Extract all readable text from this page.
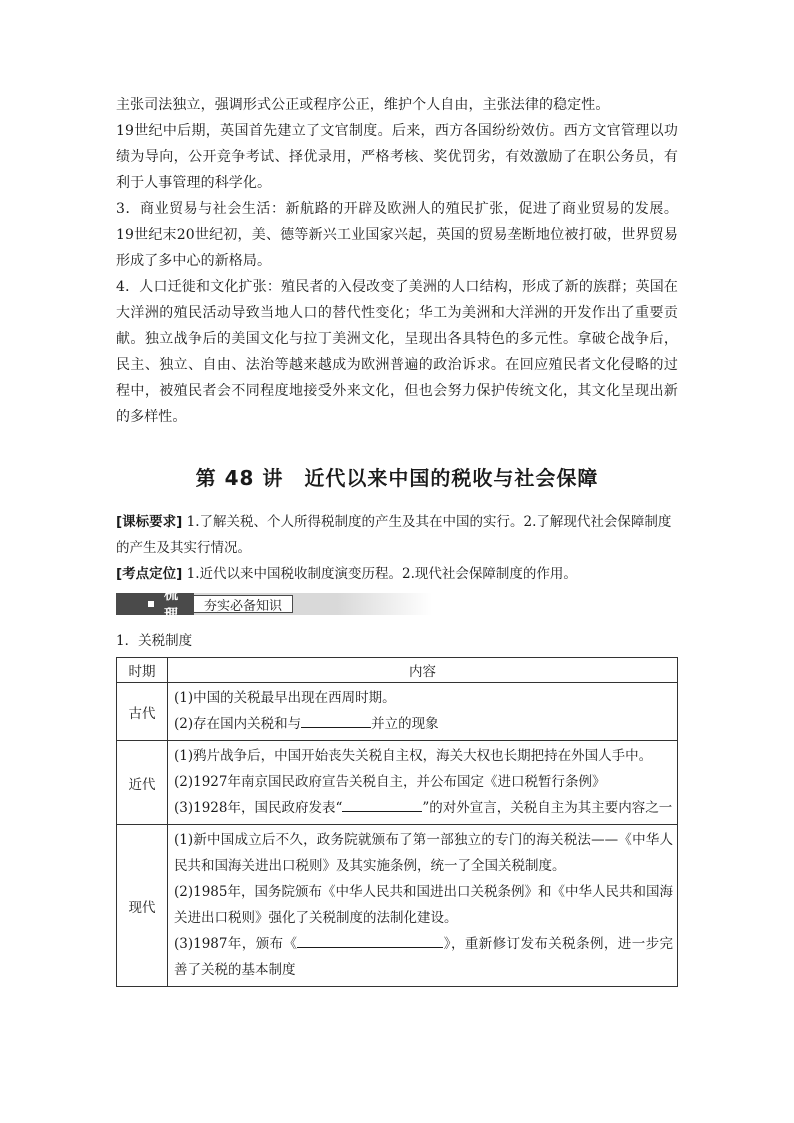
主张司法独立，强调形式公正或程序公正，维护个人自由，主张法律的稳定性。

19世纪中后期，英国首先建立了文官制度。后来，西方各国纷纷效仿。西方文官管理以功绩为导向，公开竞争考试、择优录用，严格考核、奖优罚劣，有效激励了在职公务员，有利于人事管理的科学化。

3．商业贸易与社会生活：新航路的开辟及欧洲人的殖民扩张，促进了商业贸易的发展。19世纪末20世纪初，美、德等新兴工业国家兴起，英国的贸易垄断地位被打破，世界贸易形成了多中心的新格局。

4．人口迁徙和文化扩张：殖民者的入侵改变了美洲的人口结构，形成了新的族群；英国在大洋洲的殖民活动导致当地人口的替代性变化；华工为美洲和大洋洲的开发作出了重要贡献。独立战争后的美国文化与拉丁美洲文化，呈现出各具特色的多元性。拿破仑战争后，民主、独立、自由、法治等越来越成为欧洲普遍的政治诉求。在回应殖民者文化侵略的过程中，被殖民者会不同程度地接受外来文化，但也会努力保护传统文化，其文化呈现出新的多样性。

第 48 讲　近代以来中国的税收与社会保障

[课标要求] 1.了解关税、个人所得税制度的产生及其在中国的实行。2.了解现代社会保障制度的产生及其实行情况。

[考点定位] 1.近代以来中国税收制度演变历程。2.现代社会保障制度的作用。

梳理
夯实必备知识
1．关税制度
时期	内容
古代	(1)中国的关税最早出现在西周时期。
(2)存在国内关税和与 并立的现象

近代	(1)鸦片战争后，中国开始丧失关税自主权，海关大权也长期把持在外国人手中。
(2)1927年南京国民政府宣告关税自主，并公布国定《进口税暂行条例》
(3)1928年，国民政府发表“ ”的对外宣言，关税自主为其主要内容之一

现代	(1)新中国成立后不久，政务院就颁布了第一部独立的专门的海关税法——《中华人民共和国海关进出口税则》及其实施条例，统一了全国关税制度。
(2)1985年，国务院颁布《中华人民共和国进出口关税条例》和《中华人民共和国海关进出口税则》强化了关税制度的法制化建设。
(3)1987年，颁布《 》，重新修订发布关税条例，进一步完善了关税的基本制度
